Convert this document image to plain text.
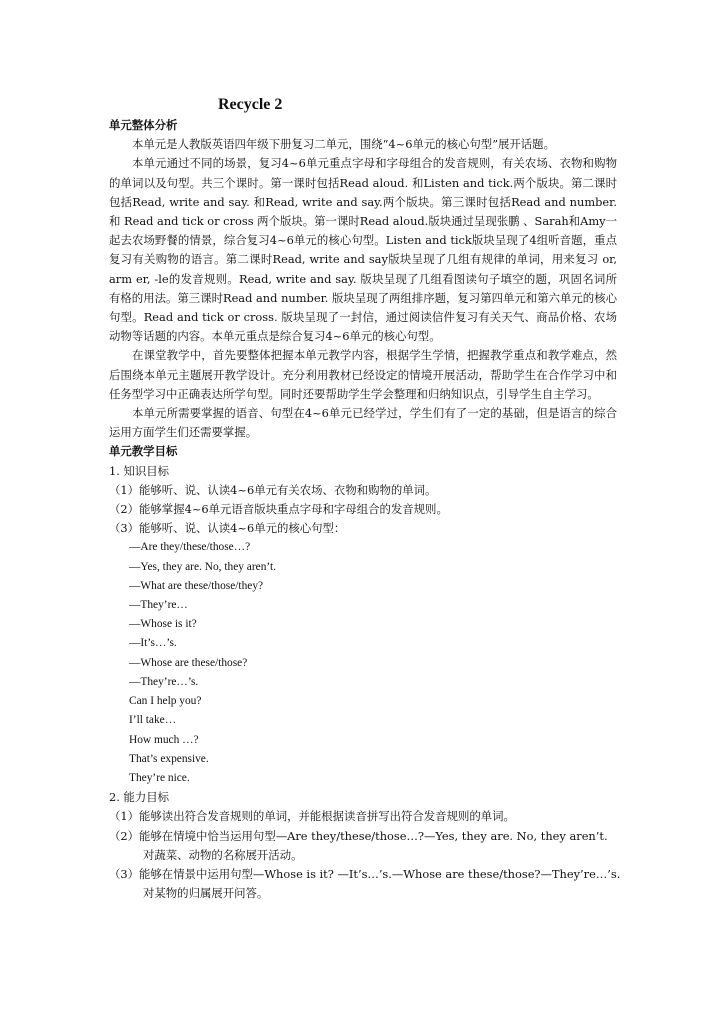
Recycle 2
单元整体分析
本单元是人教版英语四年级下册复习二单元，围绕“4~6单元的核心句型”展开话题。
本单元通过不同的场景，复习4~6单元重点字母和字母组合的发音规则，有关农场、衣物和购物的单词以及句型。共三个课时。第一课时包括Read aloud. 和Listen and tick.两个版块。第二课时包括Read, write and say. 和Read, write and say.两个版块。第三课时包括Read and number. 和 Read and tick or cross 两个版块。第一课时Read aloud.版块通过呈现张鹏 、Sarah和Amy一起去农场野餐的情景，综合复习4~6单元的核心句型。Listen and tick版块呈现了4组听音题，重点复习有关购物的语言。第二课时Read, write and say版块呈现了几组有规律的单词，用来复习 or, arm er, -le的发音规则。Read, write and say. 版块呈现了几组看图读句子填空的题，巩固名词所有格的用法。第三课时Read and number. 版块呈现了两组排序题，复习第四单元和第六单元的核心句型。Read and tick or cross. 版块呈现了一封信，通过阅读信件复习有关天气、商品价格、农场动物等话题的内容。本单元重点是综合复习4~6单元的核心句型。
在课堂教学中，首先要整体把握本单元教学内容，根据学生学情，把握教学重点和教学难点，然后围绕本单元主题展开教学设计。充分利用教材已经设定的情境开展活动，帮助学生在合作学习中和任务型学习中正确表达所学句型。同时还要帮助学生学会整理和归纳知识点，引导学生自主学习。
本单元所需要掌握的语音、句型在4~6单元已经学过，学生们有了一定的基础，但是语言的综合运用方面学生们还需要掌握。
单元教学目标
1. 知识目标
（1）能够听、说、认读4~6单元有关农场、衣物和购物的单词。
（2）能够掌握4~6单元语音版块重点字母和字母组合的发音规则。
（3）能够听、说、认读4~6单元的核心句型：
—Are they/these/those…?
—Yes, they are. No, they aren’t.
—What are these/those/they?
—They’re…
—Whose is it?
—It’s…’s.
—Whose are these/those?
—They’re…’s.
Can I help you?
I’ll take…
How much …?
That’s expensive.
They’re nice.
2. 能力目标
（1）能够读出符合发音规则的单词，并能根据读音拼写出符合发音规则的单词。
（2）能够在情境中恰当运用句型—Are they/these/those…?—Yes, they are. No, they aren’t.
对蔬菜、动物的名称展开活动。
（3）能够在情景中运用句型—Whose is it? —It’s…’s.—Whose are these/those?—They’re…’s.
对某物的归属展开问答。
